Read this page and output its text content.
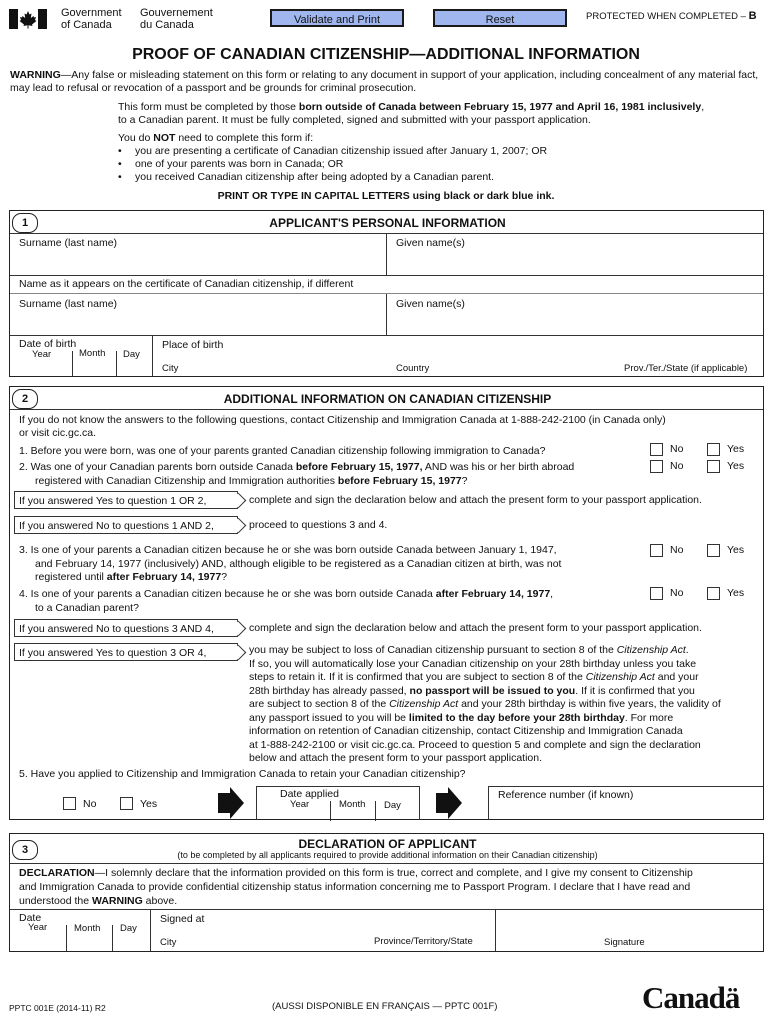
Government
of Canada
Gouvernement
du Canada	Validate and Print	Reset	PROTECTED WHEN COMPLETED – B
PROOF OF CANADIAN CITIZENSHIP—ADDITIONAL INFORMATION
WARNING—Any false or misleading statement on this form or relating to any document in support of your application, including concealment of any material fact, may lead to refusal or revocation of a passport and be grounds for criminal prosecution.
This form must be completed by those born outside of Canada between February 15, 1977 and April 16, 1981 inclusively,
to a Canadian parent. It must be fully completed, signed and submitted with your passport application.
You do NOT need to complete this form if:
• you are presenting a certificate of Canadian citizenship issued after January 1, 2007; OR
• one of your parents was born in Canada; OR
• you received Canadian citizenship after being adopted by a Canadian parent.
PRINT OR TYPE IN CAPITAL LETTERS using black or dark blue ink.
1	APPLICANT'S PERSONAL INFORMATION
Surname (last name)	Given name(s)
Name as it appears on the certificate of Canadian citizenship, if different
Surname (last name)	Given name(s)
Date of birth
Year	Month Day
Place of birth
City	Country	Prov./Ter./State (if applicable)
2	ADDITIONAL INFORMATION ON CANADIAN CITIZENSHIP
If you do not know the answers to the following questions, contact Citizenship and Immigration Canada at 1-888-242-2100 (in Canada only)
or visit cic.gc.ca.
1. Before you were born, was one of your parents granted Canadian citizenship following immigration to Canada?	No	Yes
2. Was one of your Canadian parents born outside Canada before February 15, 1977, AND was his or her birth abroad
registered with Canadian Citizenship and Immigration authorities before February 15, 1977?
No	Yes
If you answered Yes to question 1 OR 2,	complete and sign the declaration below and attach the present form to your passport application.
If you answered No to questions 1 AND 2,	proceed to questions 3 and 4.
3. Is one of your parents a Canadian citizen because he or she was born outside Canada between January 1, 1947,
and February 14, 1977 (inclusively) AND, although eligible to be registered as a Canadian citizen at birth, was not
registered until after February 14, 1977?
No	Yes
4. Is one of your parents a Canadian citizen because he or she was born outside Canada after February 14, 1977,
to a Canadian parent?
No	Yes
If you answered No to questions 3 AND 4,	complete and sign the declaration below and attach the present form to your passport application.
If you answered Yes to question 3 OR 4,	you may be subject to loss of Canadian citizenship pursuant to section 8 of the Citizenship Act.
If so, you will automatically lose your Canadian citizenship on your 28th birthday unless you take
steps to retain it. If it is confirmed that you are subject to section 8 of the Citizenship Act and your
28th birthday has already passed, no passport will be issued to you. If it is confirmed that you
are subject to section 8 of the Citizenship Act and your 28th birthday is within five years, the validity of
any passport issued to you will be limited to the day before your 28th birthday. For more
information on retention of Canadian citizenship, contact Citizenship and Immigration Canada
at 1-888-242-2100 or visit cic.gc.ca. Proceed to question 5 and complete and sign the declaration
below and attach the present form to your passport application.
5. Have you applied to Citizenship and Immigration Canada to retain your Canadian citizenship?
No	Yes
Date applied
Year	Month Day
Reference number (if known)
3	DECLARATION OF APPLICANT
(to be completed by all applicants required to provide additional information on their Canadian citizenship)
DECLARATION—I solemnly declare that the information provided on this form is true, correct and complete, and I give my consent to Citizenship
and Immigration Canada to provide confidential citizenship status information concerning me to Passport Program. I declare that I have read and
understood the WARNING above.
Date
Year	Month Day
Signed at
City	Province/Territory/State	Signature
PPTC 001E (2014-11) R2	(AUSSI DISPONIBLE EN FRANÇAIS — PPTC 001F)	Canadä
